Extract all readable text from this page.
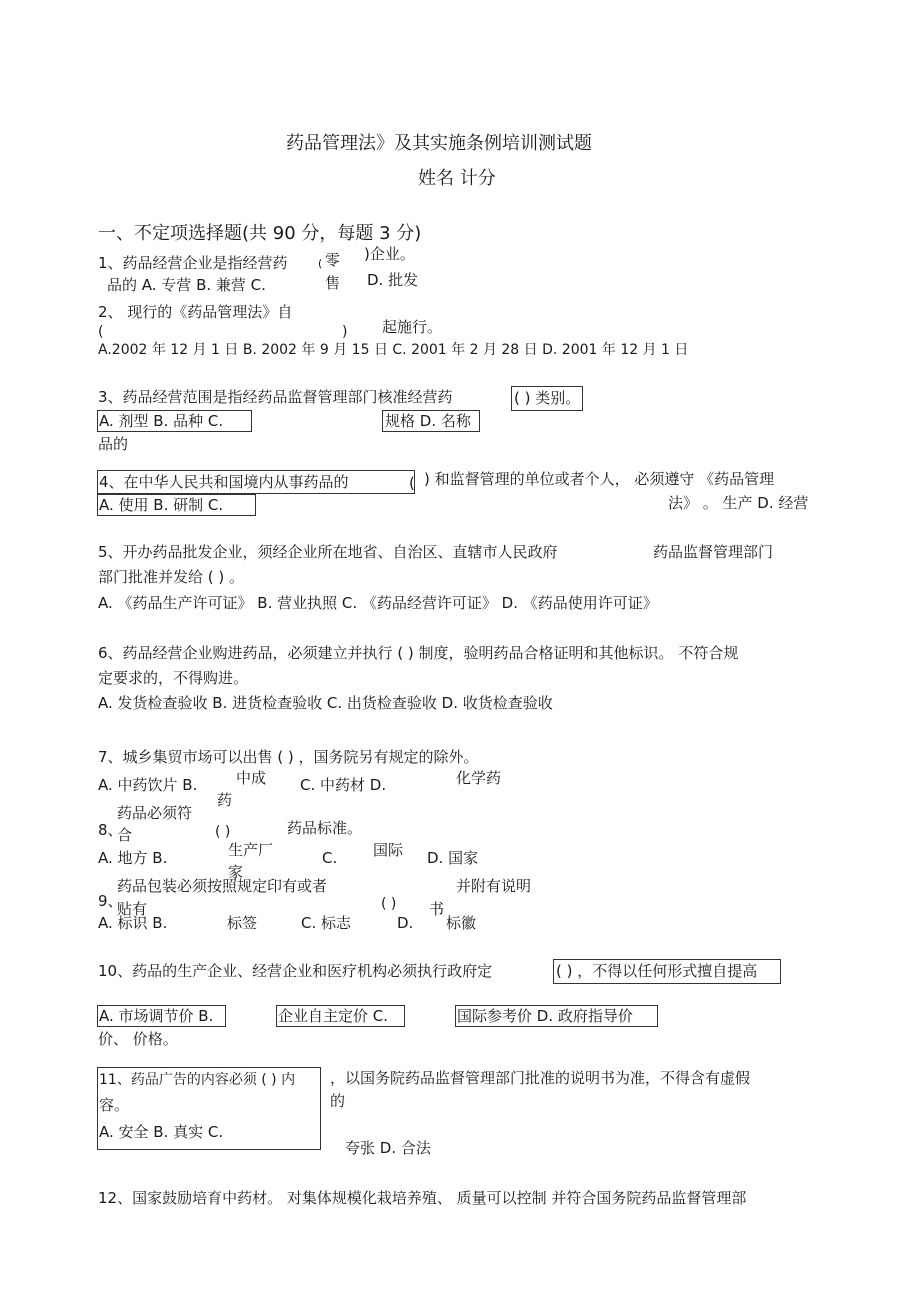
药品管理法》及其实施条例培训测试题
姓名 计分
一、不定项选择题(共 90 分，每题 3 分)
1、药品经营企业是指经营药	( 零
售
)企业。
品的 A. 专营 B. 兼营 C.	D. 批发
2、 现行的《药品管理法》自
(	) 起施行。
A.2002 年 12 月 1 日 B. 2002 年 9 月 15 日 C. 2001 年 2 月 28 日 D. 2001 年 12 月 1 日
3、药品经营范围是指经药品监督管理部门核准经营药	( ) 类别。
A. 剂型 B. 品种 C.	规格 D. 名称
品的
4、在中华人民共和国境内从事药品的	( ) 和监督管理的单位或者个人， 必须遵守 《药品管理
A. 使用 B. 研制 C.	法》 。 生产 D. 经营
5、开办药品批发企业，须经企业所在地省、自治区、直辖市人民政府	药品监督管理部门
部门批准并发给 ( ) 。
A. 《药品生产许可证》 B. 营业执照 C. 《药品经营许可证》 D. 《药品使用许可证》
6、药品经营企业购进药品，必须建立并执行 ( ) 制度，验明药品合格证明和其他标识。 不符合规
定要求的，不得购进。
A. 发货检查验收 B. 进货检查验收 C. 出货检查验收 D. 收货检查验收
7、城乡集贸市场可以出售 ( ) ，国务院另有规定的除外。
A. 中药饮片 B.	中成
药
C. 中药材 D.	化学药
药品必须符
合
8、	( )	药品标准。
A. 地方 B.	生产厂
家
C. 国际 D. 国家
药品包装必须按照规定印有或者
贴有
9、	( )
并附有说明
书
A. 标识 B.	标签	C. 标志	D. 标徽
10、药品的生产企业、经营企业和医疗机构必须执行政府定	( ) ，不得以任何形式擅自提高
A. 市场调节价 B.	企业自主定价 C.	国际参考价 D. 政府指导价
价、 价格。
11、药品广告的内容必须 ( ) 内
容。
A. 安全 B. 真实 C.
，以国务院药品监督管理部门批准的说明书为准，不得含有虚假
的
夸张 D. 合法
12、国家鼓励培育中药材。 对集体规模化栽培养殖、 质量可以控制 并符合国务院药品监督管理部
